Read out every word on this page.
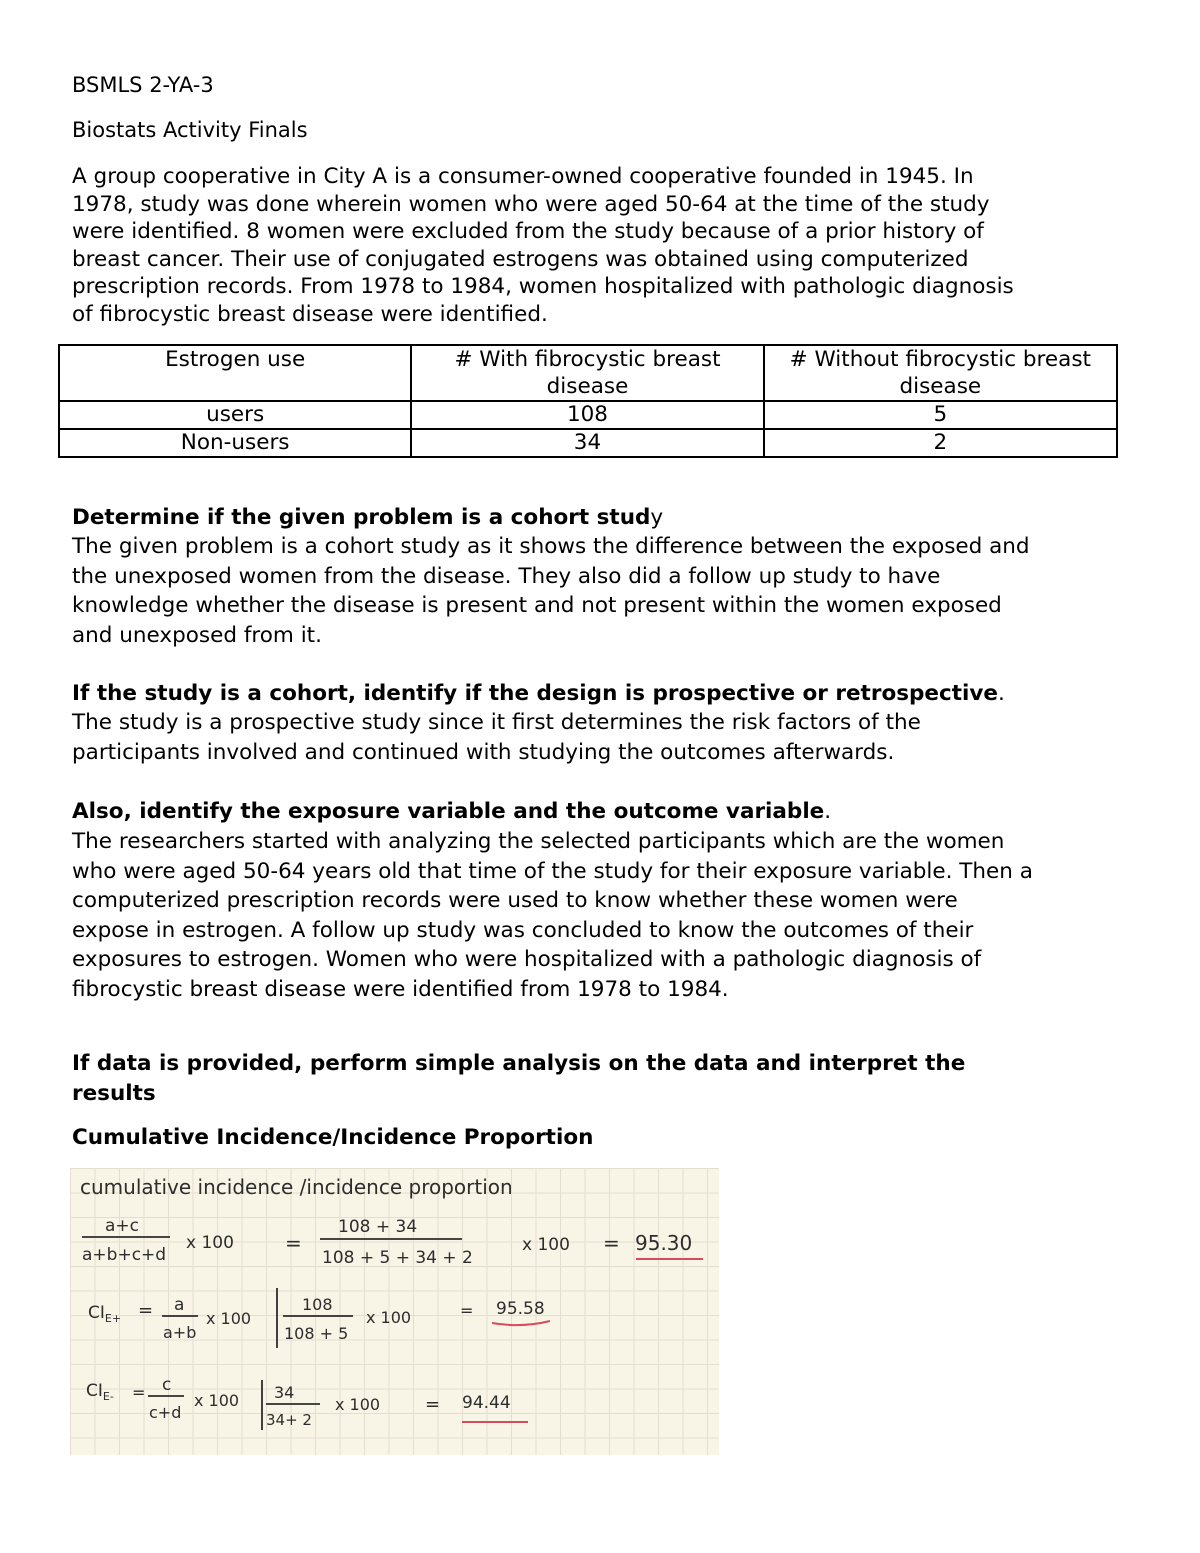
BSMLS 2-YA-3
Biostats Activity Finals

A group cooperative in City A is a consumer-owned cooperative founded in 1945. In

1978, study was done wherein women who were aged 50-64 at the time of the study

were identified. 8 women were excluded from the study because of a prior history of

breast cancer. Their use of conjugated estrogens was obtained using computerized

prescription records. From 1978 to 1984, women hospitalized with pathologic diagnosis

of fibrocystic breast disease were identified.

Estrogen use	# With fibrocystic breast disease	# Without fibrocystic breast disease
users	108	5
Non-users	34	2
Determine if the given problem is a cohort study

The given problem is a cohort study as it shows the difference between the exposed and

the unexposed women from the disease. They also did a follow up study to have

knowledge whether the disease is present and not present within the women exposed

and unexposed from it.

If the study is a cohort, identify if the design is prospective or retrospective.

The study is a prospective study since it first determines the risk factors of the

participants involved and continued with studying the outcomes afterwards.

Also, identify the exposure variable and the outcome variable.

The researchers started with analyzing the selected participants which are the women

who were aged 50-64 years old that time of the study for their exposure variable. Then a

computerized prescription records were used to know whether these women were

expose in estrogen. A follow up study was concluded to know the outcomes of their

exposures to estrogen. Women who were hospitalized with a pathologic diagnosis of

fibrocystic breast disease were identified from 1978 to 1984.

If data is provided, perform simple analysis on the data and interpret the
results
Cumulative Incidence/Incidence Proportion
cumulative incidence /incidence proportion
a+c
a+b+c+d
x 100	=
108 + 34
108 + 5 + 34 + 2
x 100 = 95.30
$CI_{E+} = a$
a+b
x 100
108
108 + 5
x 100	= 95.58
$CI_{E-} = c$
c+d
x 100 34
34+ 2
x 100 = 94.44
